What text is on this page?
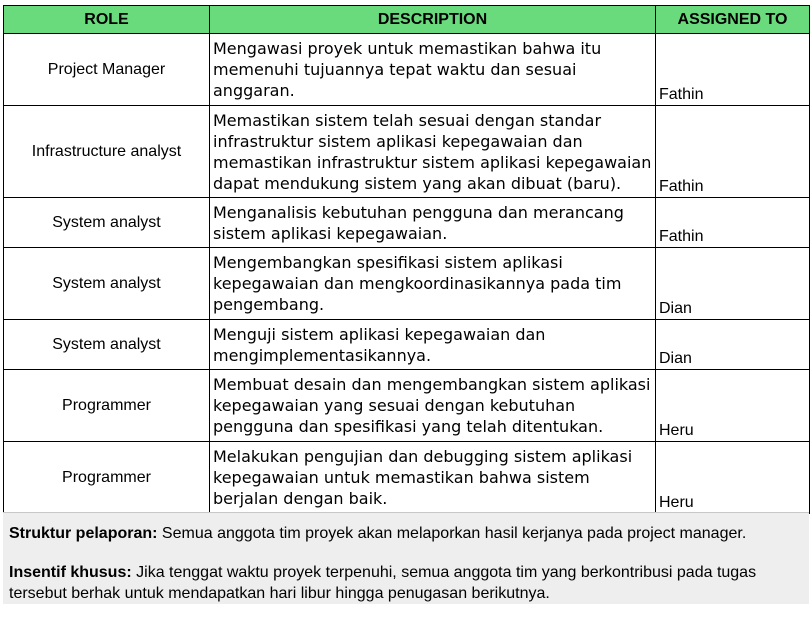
ROLE	DESCRIPTION	ASSIGNED TO
Project Manager	Mengawasi proyek untuk memastikan bahwa itu memenuhi tujuannya tepat waktu dan sesuai anggaran.	Fathin
Infrastructure analyst	Memastikan sistem telah sesuai dengan standar infrastruktur sistem aplikasi kepegawaian dan memastikan infrastruktur sistem aplikasi kepegawaian dapat mendukung sistem yang akan dibuat (baru).	Fathin
System analyst	Menganalisis kebutuhan pengguna dan merancang sistem aplikasi kepegawaian.	Fathin
System analyst	Mengembangkan spesifikasi sistem aplikasi kepegawaian dan mengkoordinasikannya pada tim pengembang.	Dian
System analyst	Menguji sistem aplikasi kepegawaian dan mengimplementasikannya.	Dian
Programmer	Membuat desain dan mengembangkan sistem aplikasi kepegawaian yang sesuai dengan kebutuhan pengguna dan spesifikasi yang telah ditentukan.	Heru
Programmer	Melakukan pengujian dan debugging sistem aplikasi kepegawaian untuk memastikan bahwa sistem berjalan dengan baik.	Heru
Struktur pelaporan: Semua anggota tim proyek akan melaporkan hasil kerjanya pada project manager.
Insentif khusus: Jika tenggat waktu proyek terpenuhi, semua anggota tim yang berkontribusi pada tugas tersebut berhak untuk mendapatkan hari libur hingga penugasan berikutnya.
